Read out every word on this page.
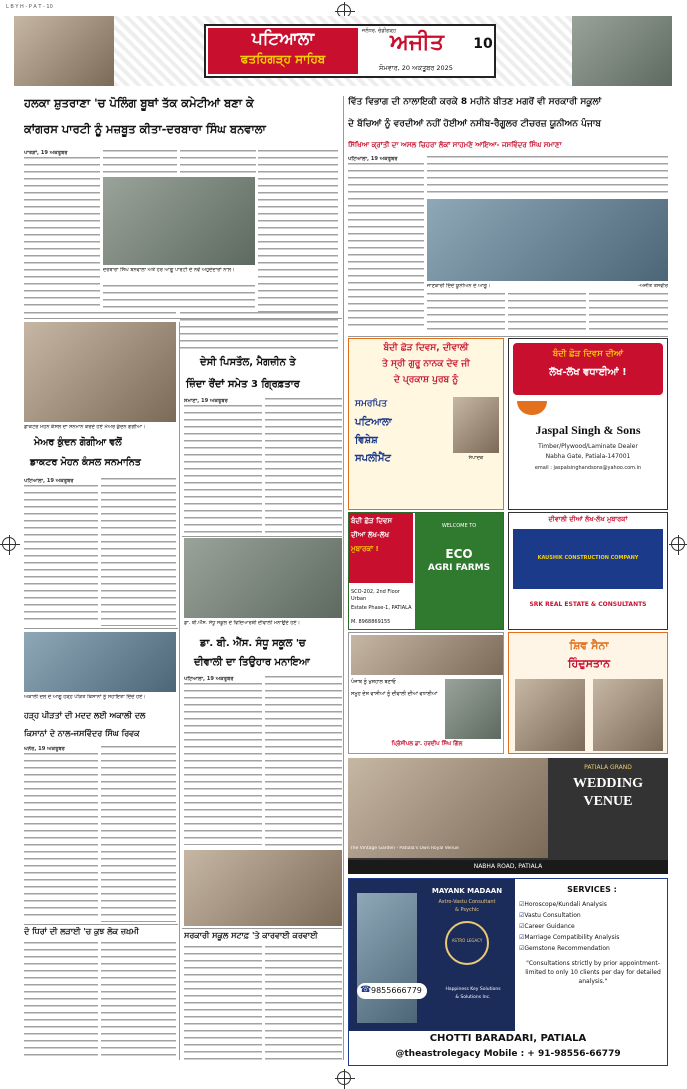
L B Y H - P A T - 10
ਪਟਿਆਲਾ
ਫਤਹਿਗੜ੍ਹ ਸਾਹਿਬ
ਜਲੰਧਰ, ਚੰਡੀਗੜ੍ਹ
ਅਜੀਤ
ਸੋਮਵਾਰ, 20 ਅਕਤੂਬਰ 2025
10
ਹਲਕਾ ਸ਼ੁਤਰਾਣਾ 'ਚ ਪੋਲਿੰਗ ਬੂਥਾਂ ਤੱਕ ਕਮੇਟੀਆਂ ਬਣਾ ਕੇ
ਕਾਂਗਰਸ ਪਾਰਟੀ ਨੂੰ ਮਜ਼ਬੂਤ ਕੀਤਾ-ਦਰਬਾਰਾ ਸਿੰਘ ਬਨਵਾਲਾ
ਪਾਤੜਾਂ, 19 ਅਕਤੂਬਰ
ਦਰਬਾਰਾ ਸਿੰਘ ਬਨਵਾਲਾ ਅਤੇ ਹੋਰ ਆਗੂ ਪਾਰਟੀ ਦੇ ਨਵੇਂ ਅਹੁਦੇਦਾਰਾਂ ਨਾਲ।
ਵਿੱਤ ਵਿਭਾਗ ਦੀ ਨਾਲਾਇਕੀ ਕਰਕੇ 8 ਮਹੀਨੇ ਬੀਤਣ ਮਗਰੋਂ ਵੀ ਸਰਕਾਰੀ ਸਕੂਲਾਂ
ਦੇ ਬੱਚਿਆਂ ਨੂੰ ਵਰਦੀਆਂ ਨਹੀਂ ਹੋਈਆਂ ਨਸੀਬ-ਰੈਗੂਲਰ ਟੀਚਰਜ਼ ਯੂਨੀਅਨ ਪੰਜਾਬ
ਸਿੱਖਿਆ ਕ੍ਰਾਂਤੀ ਦਾ ਅਸਲ ਚਿਹਰਾ ਲੋਕਾਂ ਸਾਹਮਣੇ ਆਇਆ- ਜਸਵਿੰਦਰ ਸਿੰਘ ਸਮਾਣਾ
ਪਟਿਆਲਾ, 19 ਅਕਤੂਬਰ
ਜਾਣਕਾਰੀ ਦਿੰਦੇ ਯੂਨੀਅਨ ਦੇ ਆਗੂ।	-ਅਜੀਤ ਤਸਵੀਰ
ਡਾਕਟਰ ਮੋਹਨ ਕੰਸਲ ਦਾ ਸਨਮਾਨ ਕਰਦੇ ਹੋਏ ਮੇਅਰ ਕੁੰਦਨ ਗੋਗੀਆ।
ਮੇਅਰ ਕੁੰਦਨ ਗੋਗੀਆ ਵਲੋਂ
ਡਾਕਟਰ ਮੋਹਨ ਕੰਸਲ ਸਨਮਾਨਿਤ
ਪਟਿਆਲਾ, 19 ਅਕਤੂਬਰ
ਦੇਸੀ ਪਿਸਤੌਲ, ਮੈਗਜ਼ੀਨ ਤੇ
ਜ਼ਿੰਦਾ ਰੌਂਦਾਂ ਸਮੇਤ 3 ਗ੍ਰਿਫ਼ਤਾਰ
ਸਮਾਣਾ, 19 ਅਕਤੂਬਰ
ਡਾ. ਬੀ.ਐੱਸ. ਸੰਧੂ ਸਕੂਲ ਦੇ ਵਿਦਿਆਰਥੀ ਦੀਵਾਲੀ ਮਨਾਉਂਦੇ ਹੋਏ।
ਡਾ. ਬੀ. ਐੱਸ. ਸੰਧੂ ਸਕੂਲ 'ਚ
ਦੀਵਾਲੀ ਦਾ ਤਿਉਹਾਰ ਮਨਾਇਆ
ਪਟਿਆਲਾ, 19 ਅਕਤੂਬਰ
ਅਕਾਲੀ ਦਲ ਦੇ ਆਗੂ ਹੜ੍ਹ ਪੀੜਤ ਕਿਸਾਨਾਂ ਨੂੰ ਸਹਾਇਤਾ ਦਿੰਦੇ ਹੋਏ।
ਹੜ੍ਹ ਪੀੜਤਾਂ ਦੀ ਮਦਦ ਲਈ ਅਕਾਲੀ ਦਲ
ਕਿਸਾਨਾਂ ਦੇ ਨਾਲ-ਜਸਵਿੰਦਰ ਸਿੰਘ ਰਿਵਕ
ਘਨੌਰ, 19 ਅਕਤੂਬਰ
ਦੋ ਧਿਰਾਂ ਦੀ ਲੜਾਈ 'ਚ ਕੁਝ ਲੋਕ ਜ਼ਖ਼ਮੀ	ਸਰਕਾਰੀ ਸਕੂਲ ਸਟਾਫ਼ 'ਤੇ ਕਾਰਵਾਈ ਕਰਵਾਈ
ਬੰਦੀ ਛੋੜ ਦਿਵਸ, ਦੀਵਾਲੀ
ਤੇ ਸ੍ਰੀ ਗੁਰੂ ਨਾਨਕ ਦੇਵ ਜੀ
ਦੇ ਪ੍ਰਕਾਸ਼ ਪੁਰਬ ਨੂੰ
ਸਮਰਪਿਤ
ਪਟਿਆਲਾ
ਵਿਸ਼ੇਸ਼
ਸਪਲੀਮੈਂਟ	ਸੰਪਾਦਕ
ਬੰਦੀ ਛੋੜ ਦਿਵਸ ਦੀਆਂ
ਲੱਖ-ਲੱਖ ਵਧਾਈਆਂ !
Jaspal Singh & Sons
Timber/Plywood/Laminate Dealer
Nabha Gate, Patiala-147001
email : jaspalsinghandsons@yahoo.com.in
ਬੰਦੀ ਛੋੜ ਦਿਵਸ
ਦੀਆਂ ਲੱਖ-ਲੱਖ
ਮੁਬਾਰਕਾਂ !
WELCOME TO
ECO
AGRI FARMS
SCO-202, 2nd Floor Urban
Estate Phase-1, PATIALA
M. 8968869155
ਦੀਵਾਲੀ ਦੀਆਂ ਲੱਖ-ਲੱਖ ਮੁਬਾਰਕਾਂ
KAUSHIK CONSTRUCTION COMPANY
SRK REAL ESTATE & CONSULTANTS
ਪੰਜਾਬ ਨੂੰ ਖੁਸ਼ਹਾਲ ਬਣਾਓ
ਸਮੂਹ ਦੇਸ਼ ਵਾਸੀਆਂ ਨੂੰ ਦੀਵਾਲੀ ਦੀਆਂ ਵਧਾਈਆਂ
ਪ੍ਰਿੰਸੀਪਲ ਡਾ. ਹਰਦੀਪ ਸਿੰਘ ਗਿੱਲ
ਸ਼ਿਵ ਸੈਨਾ
ਹਿੰਦੁਸਤਾਨ
PATIALA GRAND
WEDDING
VENUE
The Vintage Garden - Patiala's Own Royal Venue
NABHA ROAD, PATIALA
MAYANK MADAAN
Astro-Vastu Consultant
& Psychic
ASTRO LEGACY
☎ 9855666779	Happiness Key Solutions
& Solutions Inc.
SERVICES :
☑Horoscope/Kundali Analysis
☑Vastu Consultation
☑Career Guidance
☑Marriage Compatibility Analysis
☑Gemstone Recommendation
"Consultations strictly by prior appointment-limited to only 10 clients per day for detailed analysis."
CHOTTI BARADARI, PATIALA
@theastrolegacy Mobile : + 91-98556-66779
